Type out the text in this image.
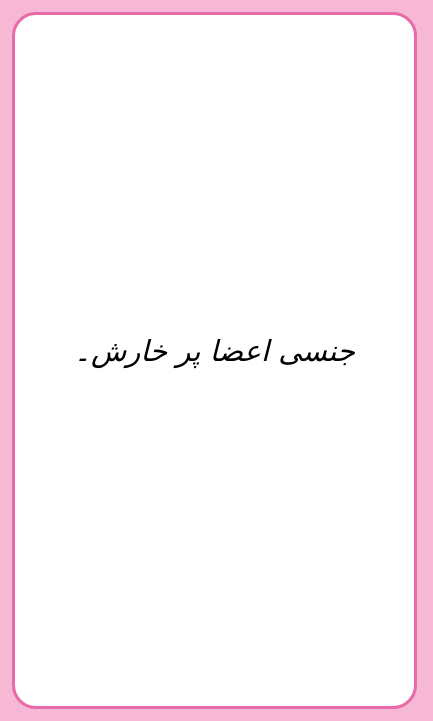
جنسی اعضا پر خارش۔
